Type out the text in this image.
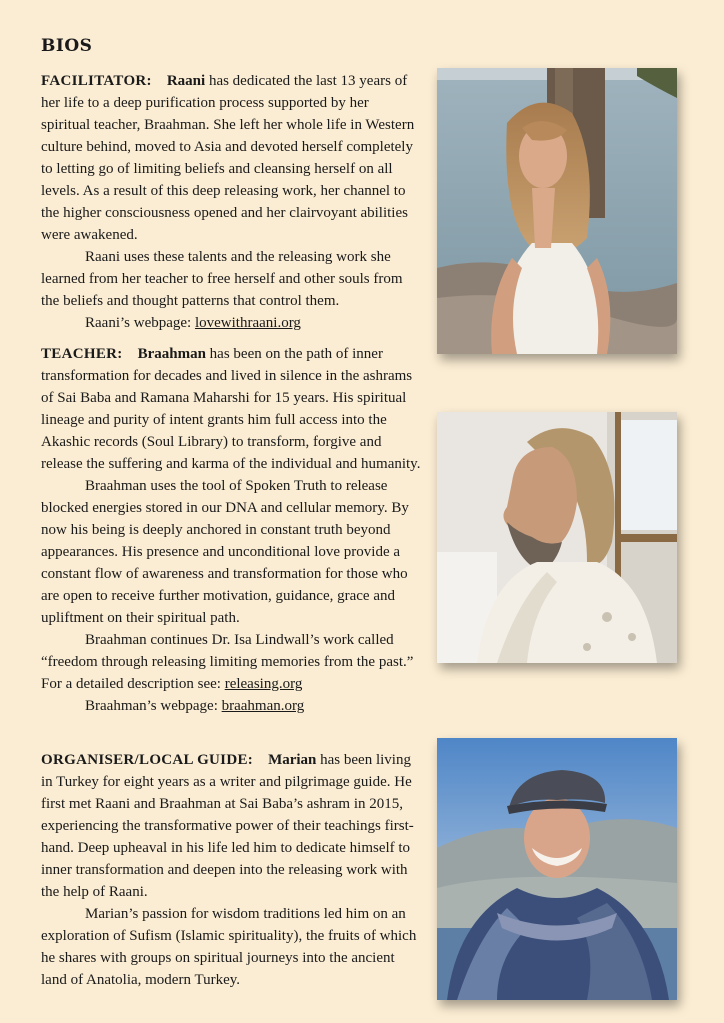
BIOS

FACILITATOR: Raani has dedicated the last 13 years of her life to a deep purification process supported by her spiritual teacher, Braahman. She left her whole life in Western culture behind, moved to Asia and devoted herself completely to letting go of limiting beliefs and cleansing herself on all levels. As a result of this deep releasing work, her channel to the higher consciousness opened and her clairvoyant abilities were awakened.

Raani uses these talents and the releasing work she learned from her teacher to free herself and other souls from the beliefs and thought patterns that control them.

Raani’s webpage: lovewithraani.org

TEACHER: Braahman has been on the path of inner transformation for decades and lived in silence in the ashrams of Sai Baba and Ramana Maharshi for 15 years. His spiritual lineage and purity of intent grants him full access into the Akashic records (Soul Library) to transform, forgive and release the suffering and karma of the individual and humanity.

Braahman uses the tool of Spoken Truth to release blocked energies stored in our DNA and cellular memory. By now his being is deeply anchored in constant truth beyond appearances. His presence and unconditional love provide a constant flow of awareness and transformation for those who are open to receive further motivation, guidance, grace and upliftment on their spiritual path.

Braahman continues Dr. Isa Lindwall’s work called “freedom through releasing limiting memories from the past.” For a detailed description see: releasing.org

Braahman’s webpage: braahman.org

ORGANISER/LOCAL GUIDE: Marian has been living in Turkey for eight years as a writer and pilgrimage guide. He first met Raani and Braahman at Sai Baba’s ashram in 2015, experiencing the transformative power of their teachings first-hand. Deep upheaval in his life led him to dedicate himself to inner transformation and deepen into the releasing work with the help of Raani.

Marian’s passion for wisdom traditions led him on an exploration of Sufism (Islamic spirituality), the fruits of which he shares with groups on spiritual journeys into the ancient land of Anatolia, modern Turkey.
